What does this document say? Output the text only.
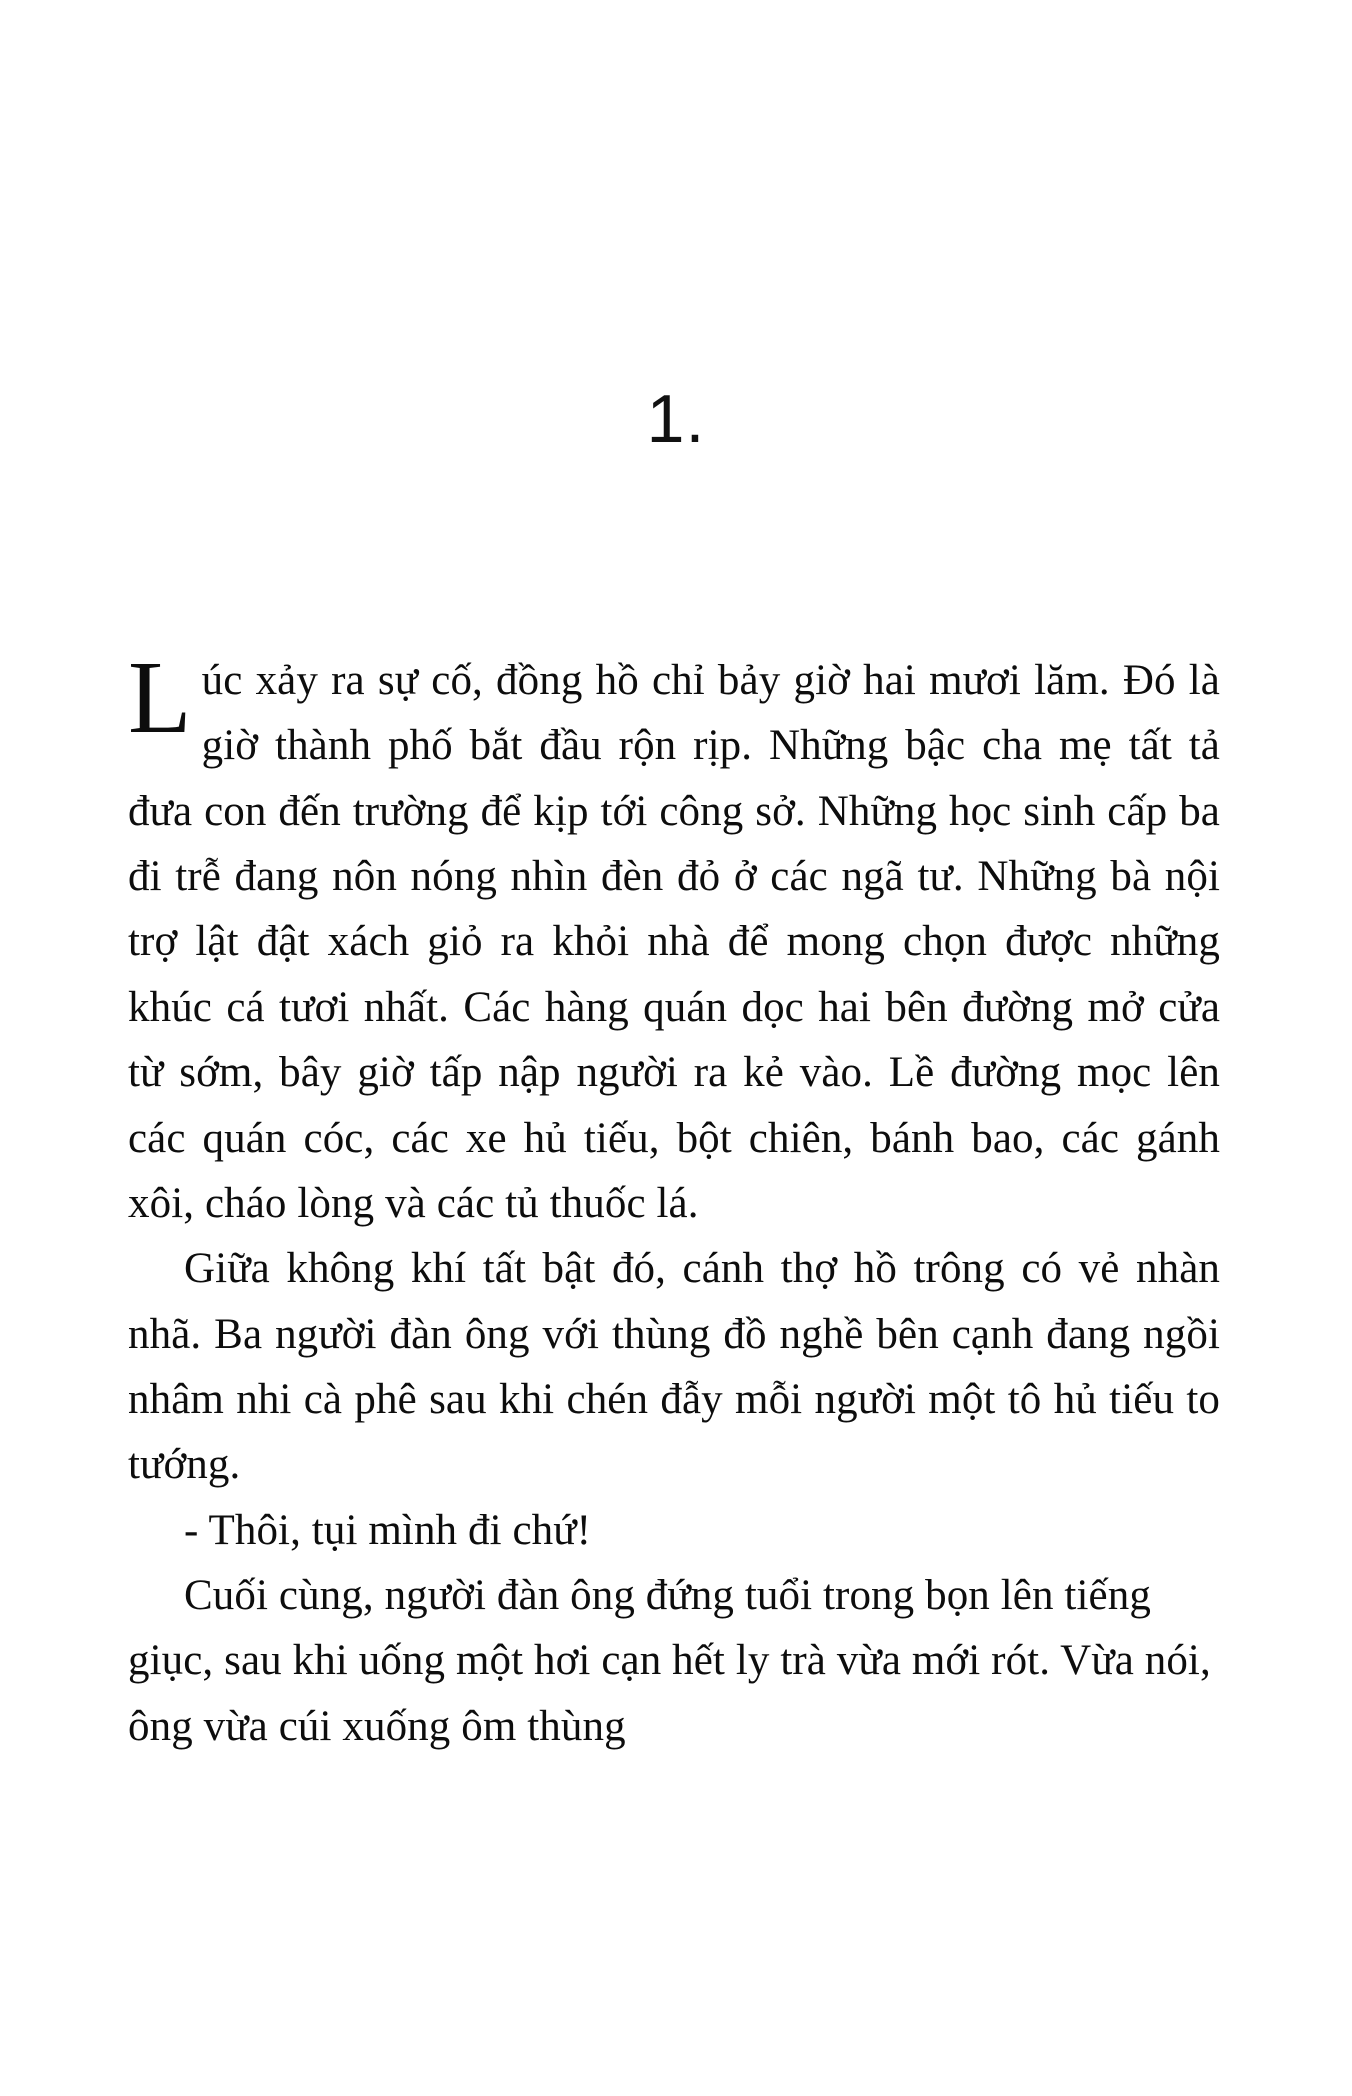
1.

Lúc xảy ra sự cố, đồng hồ chỉ bảy giờ hai mươi lăm. Đó là giờ thành phố bắt đầu rộn rịp. Những bậc cha mẹ tất tả đưa con đến trường để kịp tới công sở. Những học sinh cấp ba đi trễ đang nôn nóng nhìn đèn đỏ ở các ngã tư. Những bà nội trợ lật đật xách giỏ ra khỏi nhà để mong chọn được những khúc cá tươi nhất. Các hàng quán dọc hai bên đường mở cửa từ sớm, bây giờ tấp nập người ra kẻ vào. Lề đường mọc lên các quán cóc, các xe hủ tiếu, bột chiên, bánh bao, các gánh xôi, cháo lòng và các tủ thuốc lá.

Giữa không khí tất bật đó, cánh thợ hồ trông có vẻ nhàn nhã. Ba người đàn ông với thùng đồ nghề bên cạnh đang ngồi nhâm nhi cà phê sau khi chén đẫy mỗi người một tô hủ tiếu to tướng.

- Thôi, tụi mình đi chứ!

Cuối cùng, người đàn ông đứng tuổi trong bọn lên tiếng giục, sau khi uống một hơi cạn hết ly trà vừa mới rót. Vừa nói, ông vừa cúi xuống ôm thùng
